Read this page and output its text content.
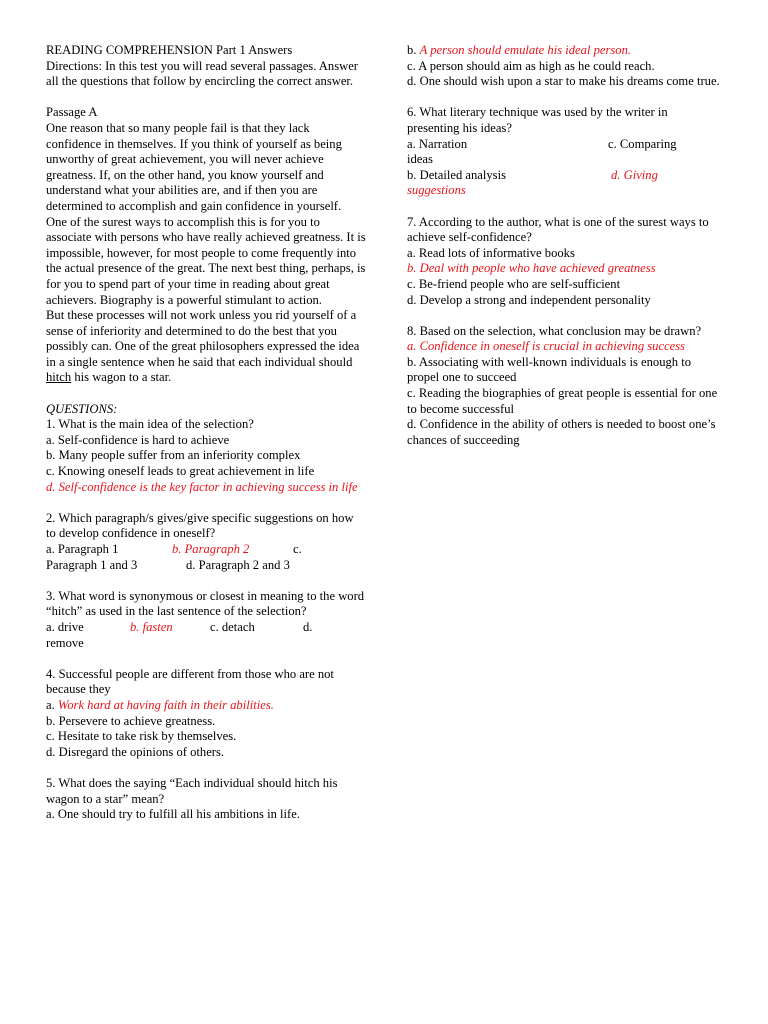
READING COMPREHENSION Part 1 Answers

Directions: In this test you will read several passages. Answer all the questions that follow by encircling the correct answer.

Passage A

One reason that so many people fail is that they lack confidence in themselves. If you think of yourself as being unworthy of great achievement, you will never achieve greatness. If, on the other hand, you know yourself and understand what your abilities are, and if then you are determined to accomplish and gain confidence in yourself.

One of the surest ways to accomplish this is for you to associate with persons who have really achieved greatness. It is impossible, however, for most people to come frequently into the actual presence of the great. The next best thing, perhaps, is for you to spend part of your time in reading about great achievers. Biography is a powerful stimulant to action.

But these processes will not work unless you rid yourself of a sense of inferiority and determined to do the best that you possibly can. One of the great philosophers expressed the idea in a single sentence when he said that each individual should hitch his wagon to a star.

QUESTIONS:

1. What is the main idea of the selection?

a. Self-confidence is hard to achieve

b. Many people suffer from an inferiority complex

c. Knowing oneself leads to great achievement in life

d. Self-confidence is the key factor in achieving success in life

2. Which paragraph/s gives/give specific suggestions on how to develop confidence in oneself?

a. Paragraph 1	b. Paragraph 2	c.

Paragraph 1 and 3	d. Paragraph 2 and 3

3. What word is synonymous or closest in meaning to the word “hitch” as used in the last sentence of the selection?

a. drive	b. fasten	c. detach	d.

remove

4. Successful people are different from those who are not because they

a. Work hard at having faith in their abilities.

b. Persevere to achieve greatness.

c. Hesitate to take risk by themselves.

d. Disregard the opinions of others.

5. What does the saying “Each individual should hitch his wagon to a star” mean?

a. One should try to fulfill all his ambitions in life.

b. A person should emulate his ideal person.

c. A person should aim as high as he could reach.

d. One should wish upon a star to make his dreams come true.

6. What literary technique was used by the writer in presenting his ideas?

a. Narration	c. Comparing

ideas

b. Detailed analysis	d. Giving

suggestions

7. According to the author, what is one of the surest ways to achieve self-confidence?

a. Read lots of informative books

b. Deal with people who have achieved greatness

c. Be-friend people who are self-sufficient

d. Develop a strong and independent personality

8. Based on the selection, what conclusion may be drawn?

a. Confidence in oneself is crucial in achieving success

b. Associating with well-known individuals is enough to propel one to succeed

c. Reading the biographies of great people is essential for one to become successful

d. Confidence in the ability of others is needed to boost one’s chances of succeeding
